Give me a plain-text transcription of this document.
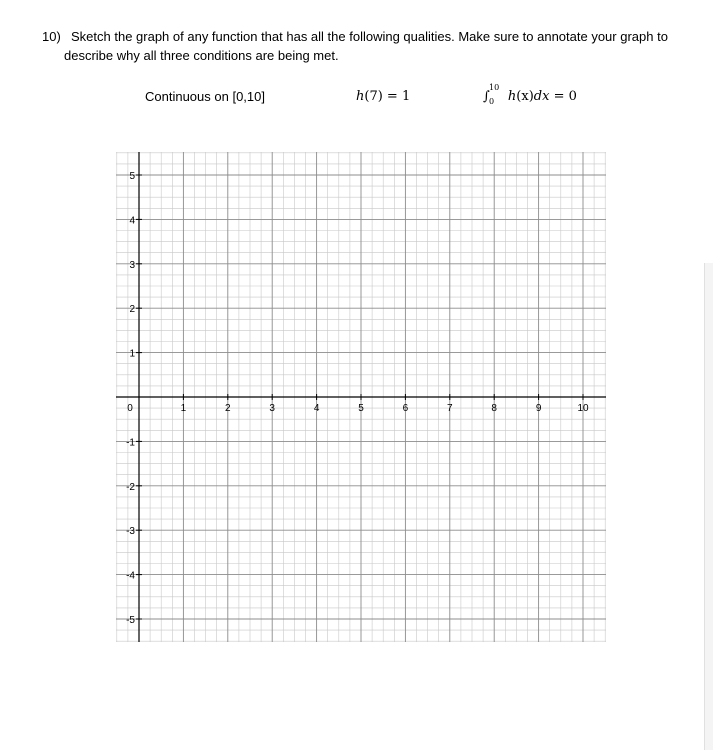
10) Sketch the graph of any function that has all the following qualities. Make sure to annotate your graph to
describe why all three conditions are being met.
Continuous on [0,10]	h(7) = 1	∫
10
0 h(x)dx = 0
0	1	2	3	4	5	6	7	8	9	10
5
4
3
2
1
-1
-2
-3
-4
-5
